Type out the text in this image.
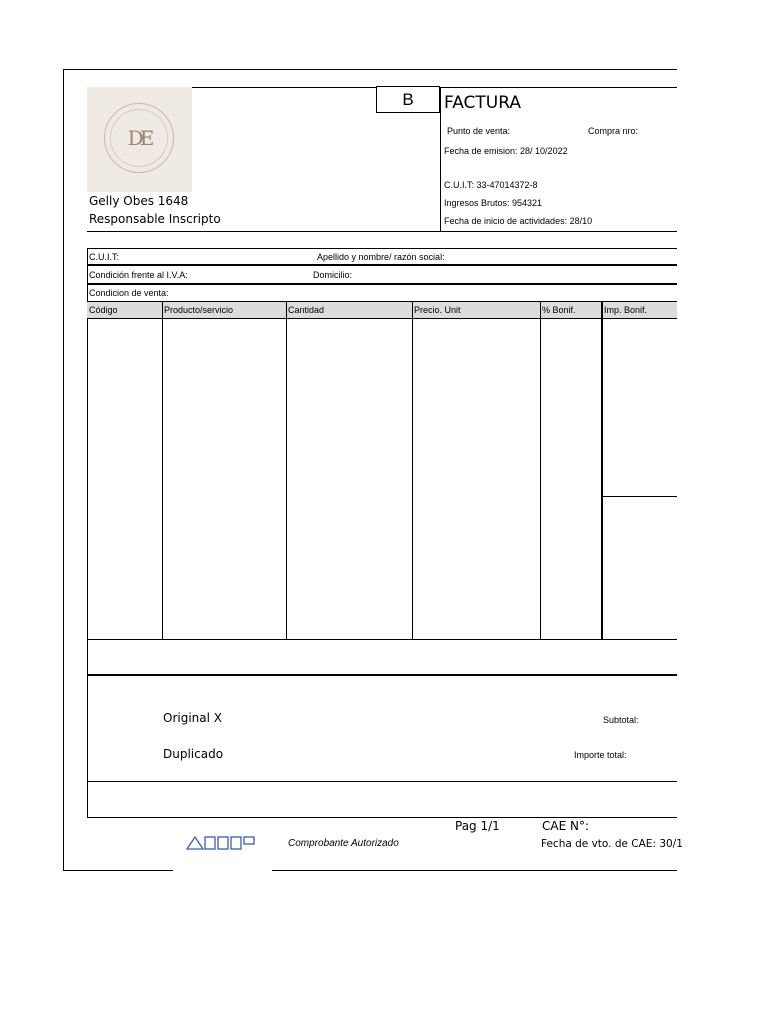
DE
B	FACTURA
Punto de venta:	Compra nro:
Fecha de emision: 28/ 10/2022
C.U.I.T: 33-47014372-8
Ingresos Brutos: 954321
Fecha de inicio de actividades: 28/10
Gelly Obes 1648
Responsable Inscripto
C.U.I.T:	Apellido y nombre/ razón social:
Condición frente al I.V.A:	Domicilio:
Condicion de venta:
Código	Producto/servicio	Cantidad	Precio. Unit	% Bonif.	Imp. Bonif.
Original X
Duplicado
Subtotal:
Importe total:
Comprobante Autorizado
Pag 1/1	CAE N°:
Fecha de vto. de CAE: 30/1
